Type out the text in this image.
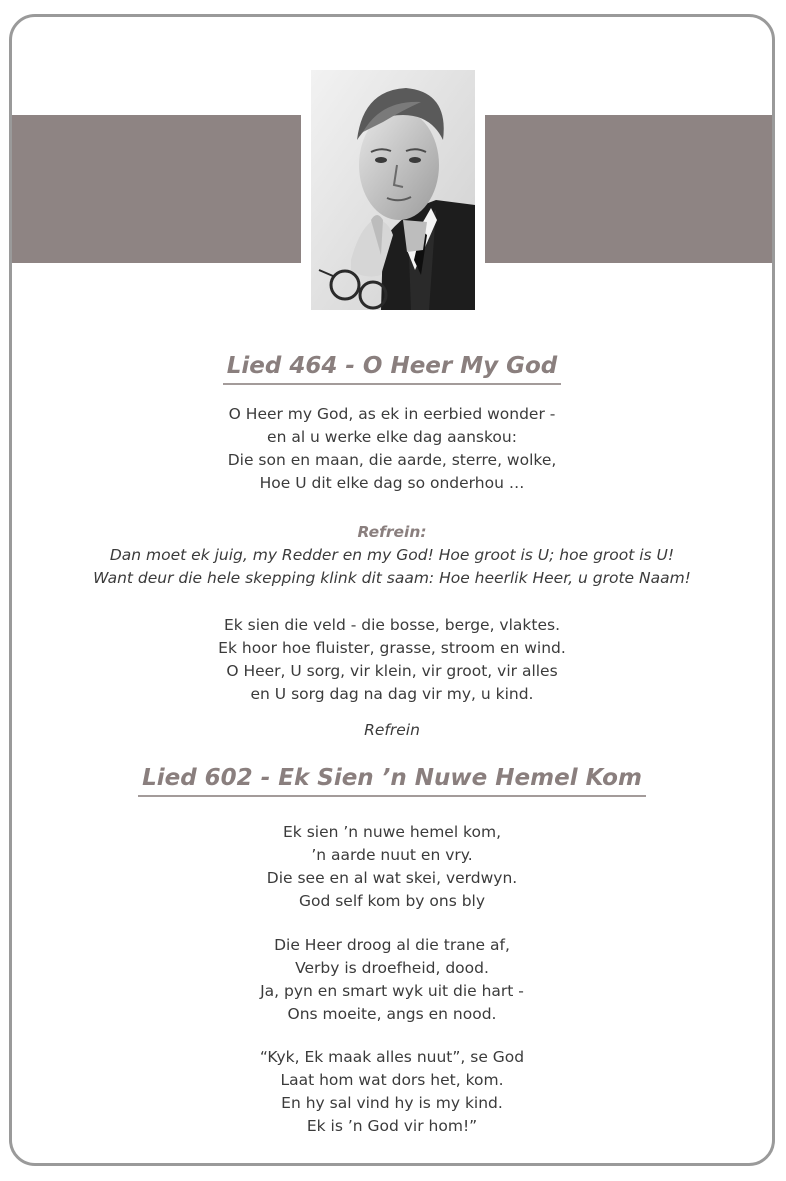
Lied 464 - O Heer My God
O Heer my God, as ek in eerbied wonder -
en al u werke elke dag aanskou:
Die son en maan, die aarde, sterre, wolke,
Hoe U dit elke dag so onderhou …
Refrein:
Dan moet ek juig, my Redder en my God! Hoe groot is U; hoe groot is U!
Want deur die hele skepping klink dit saam: Hoe heerlik Heer, u grote Naam!
Ek sien die veld - die bosse, berge, vlaktes.
Ek hoor hoe fluister, grasse, stroom en wind.
O Heer, U sorg, vir klein, vir groot, vir alles
en U sorg dag na dag vir my, u kind.
Refrein
Lied 602 - Ek Sien ’n Nuwe Hemel Kom
Ek sien ’n nuwe hemel kom,
’n aarde nuut en vry.
Die see en al wat skei, verdwyn.
God self kom by ons bly
Die Heer droog al die trane af,
Verby is droefheid, dood.
Ja, pyn en smart wyk uit die hart -
Ons moeite, angs en nood.
“Kyk, Ek maak alles nuut”, se God
Laat hom wat dors het, kom.
En hy sal vind hy is my kind.
Ek is ’n God vir hom!”
